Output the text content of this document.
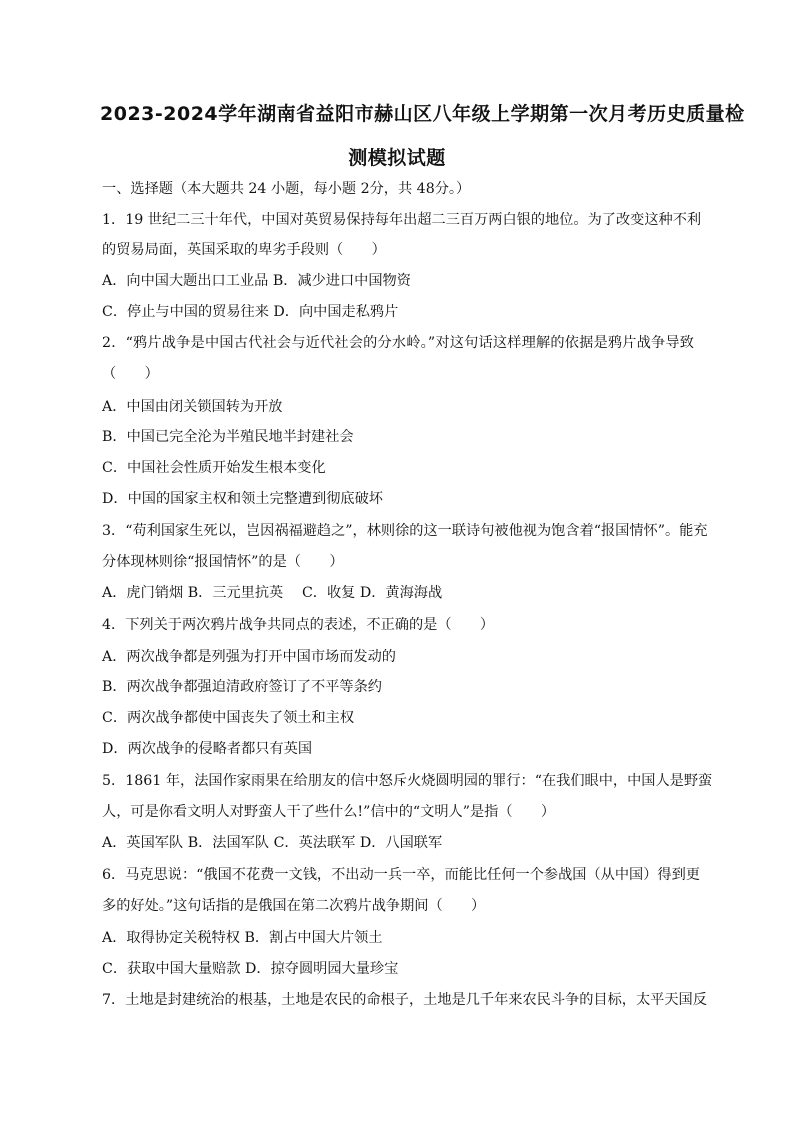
2023-2024学年湖南省益阳市赫山区八年级上学期第一次月考历史质量检
测模拟试题
一、选择题（本大题共 24 小题，每小题 2分，共 48分。）
1．19 世纪二三十年代，中国对英贸易保持每年出超二三百万两白银的地位。为了改变这种不利
的贸易局面，英国采取的卑劣手段则（　　）
A．向中国大题出口工业品 B．减少进口中国物资
C．停止与中国的贸易往来 D．向中国走私鸦片
2．“鸦片战争是中国古代社会与近代社会的分水岭。”对这句话这样理解的依据是鸦片战争导致
（　　）
A．中国由闭关锁国转为开放
B．中国已完全沦为半殖民地半封建社会
C．中国社会性质开始发生根本变化
D．中国的国家主权和领土完整遭到彻底破坏
3．“苟利国家生死以，岂因祸福避趋之”，林则徐的这一联诗句被他视为饱含着“报国情怀”。能充
分体现林则徐“报国情怀”的是（　　）
A．虎门销烟 B．三元里抗英　 C．收复 D．黄海海战
4．下列关于两次鸦片战争共同点的表述，不正确的是（　　）
A．两次战争都是列强为打开中国市场而发动的
B．两次战争都强迫清政府签订了不平等条约
C．两次战争都使中国丧失了领土和主权
D．两次战争的侵略者都只有英国
5．1861 年，法国作家雨果在给朋友的信中怒斥火烧圆明园的罪行：“在我们眼中，中国人是野蛮
人，可是你看文明人对野蛮人干了些什么!”信中的“文明人”是指（　　）
A．英国军队 B．法国军队 C．英法联军 D．八国联军
6．马克思说：“俄国不花费一文钱，不出动一兵一卒，而能比任何一个参战国（从中国）得到更
多的好处。”这句话指的是俄国在第二次鸦片战争期间（　　）
A．取得协定关税特权 B．割占中国大片领土
C．获取中国大量赔款 D．掠夺圆明园大量珍宝
7．土地是封建统治的根基，土地是农民的命根子，土地是几千年来农民斗争的目标，太平天国反
